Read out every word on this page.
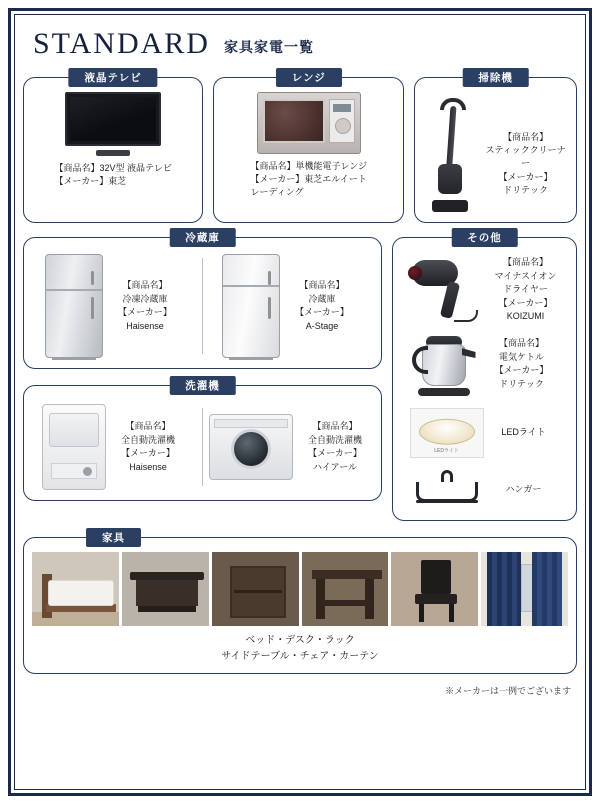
STANDARD 家具家電一覧
液晶テレビ
【商品名】32V型 液晶テレビ
【メーカー】東芝
レンジ
【商品名】単機能電子レンジ
【メーカー】東芝エルイート
レーディング
掃除機
【商品名】
スティッククリーナー
【メーカー】
ドリテック
冷蔵庫
【商品名】
冷凍冷蔵庫
【メーカー】
Haisense
【商品名】
冷蔵庫
【メーカー】
A-Stage
洗濯機
【商品名】
全自動洗濯機
【メーカー】
Haisense
【商品名】
全自動洗濯機
【メーカー】
ハイアール
その他
【商品名】
マイナスイオン
ドライヤー
【メーカー】
KOIZUMI
【商品名】
電気ケトル
【メーカー】
ドリテック
LEDライト
LEDライト
ハンガー
家具
ベッド・デスク・ラック
サイドテーブル・チェア・カーテン
※メーカーは一例でございます
